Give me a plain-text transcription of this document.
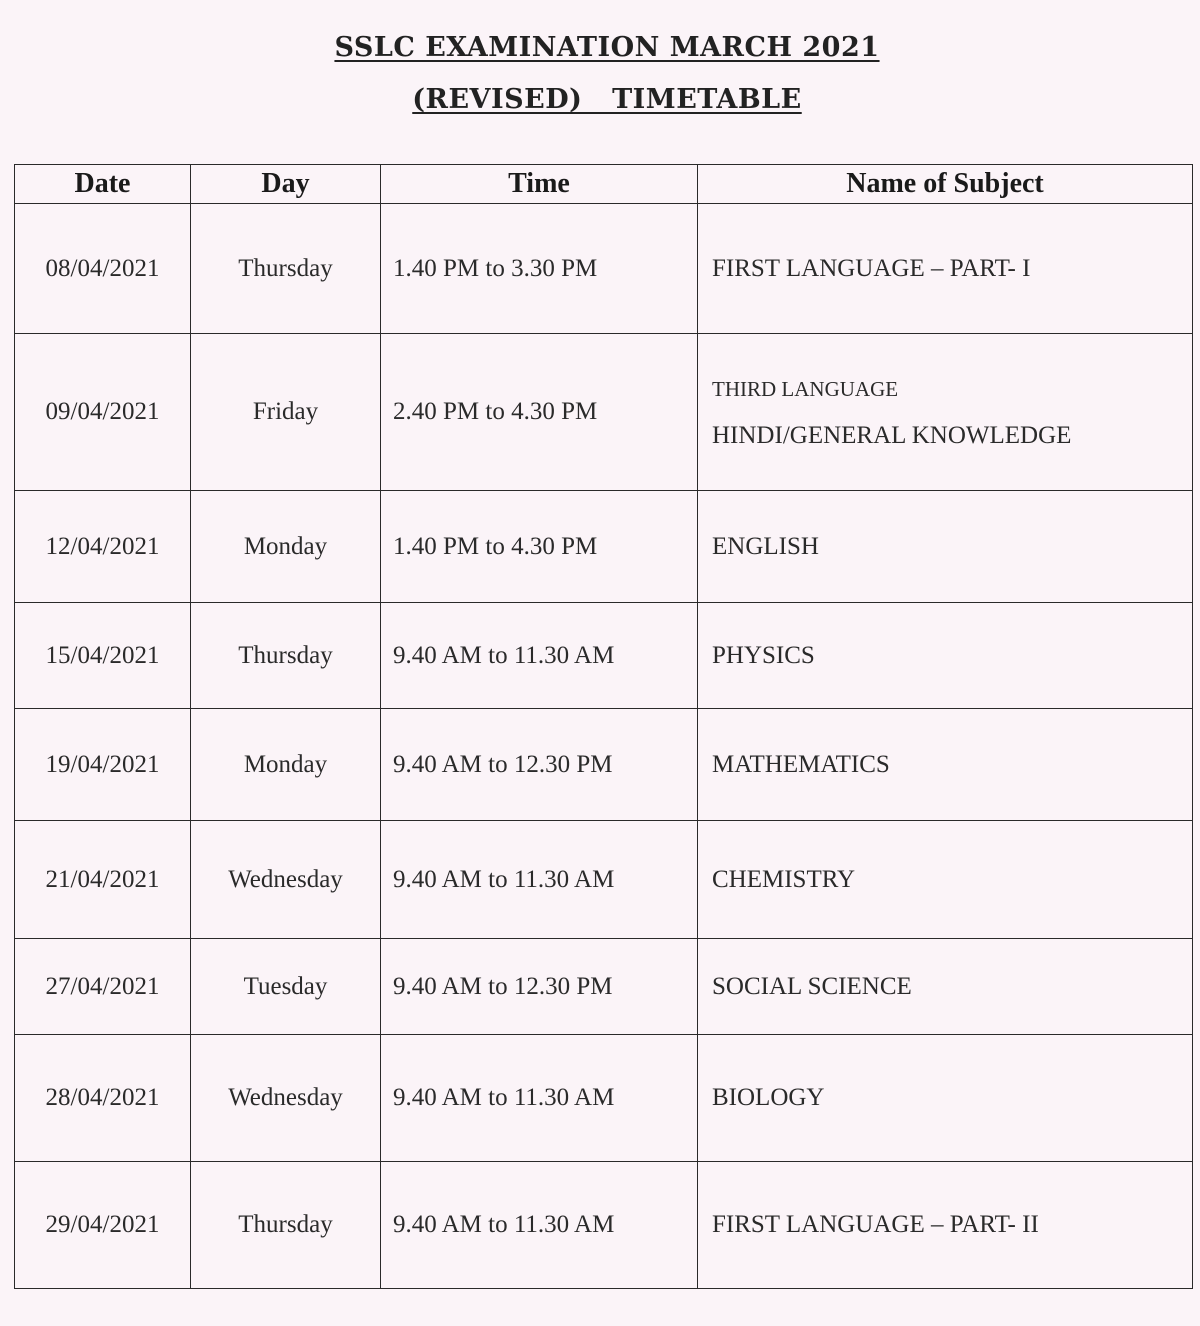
SSLC EXAMINATION MARCH 2021
(REVISED)   TIMETABLE
Date	Day	Time	Name of Subject
08/04/2021	Thursday	1.40 PM to 3.30 PM	FIRST LANGUAGE – PART- I
09/04/2021	Friday	2.40 PM to 4.30 PM	THIRD LANGUAGE
HINDI/GENERAL KNOWLEDGE

12/04/2021	Monday	1.40 PM to 4.30 PM	ENGLISH
15/04/2021	Thursday	9.40 AM to 11.30 AM	PHYSICS
19/04/2021	Monday	9.40 AM to 12.30 PM	MATHEMATICS
21/04/2021	Wednesday	9.40 AM to 11.30 AM	CHEMISTRY
27/04/2021	Tuesday	9.40 AM to 12.30 PM	SOCIAL SCIENCE
28/04/2021	Wednesday	9.40 AM to 11.30 AM	BIOLOGY
29/04/2021	Thursday	9.40 AM to 11.30 AM	FIRST LANGUAGE – PART- II
